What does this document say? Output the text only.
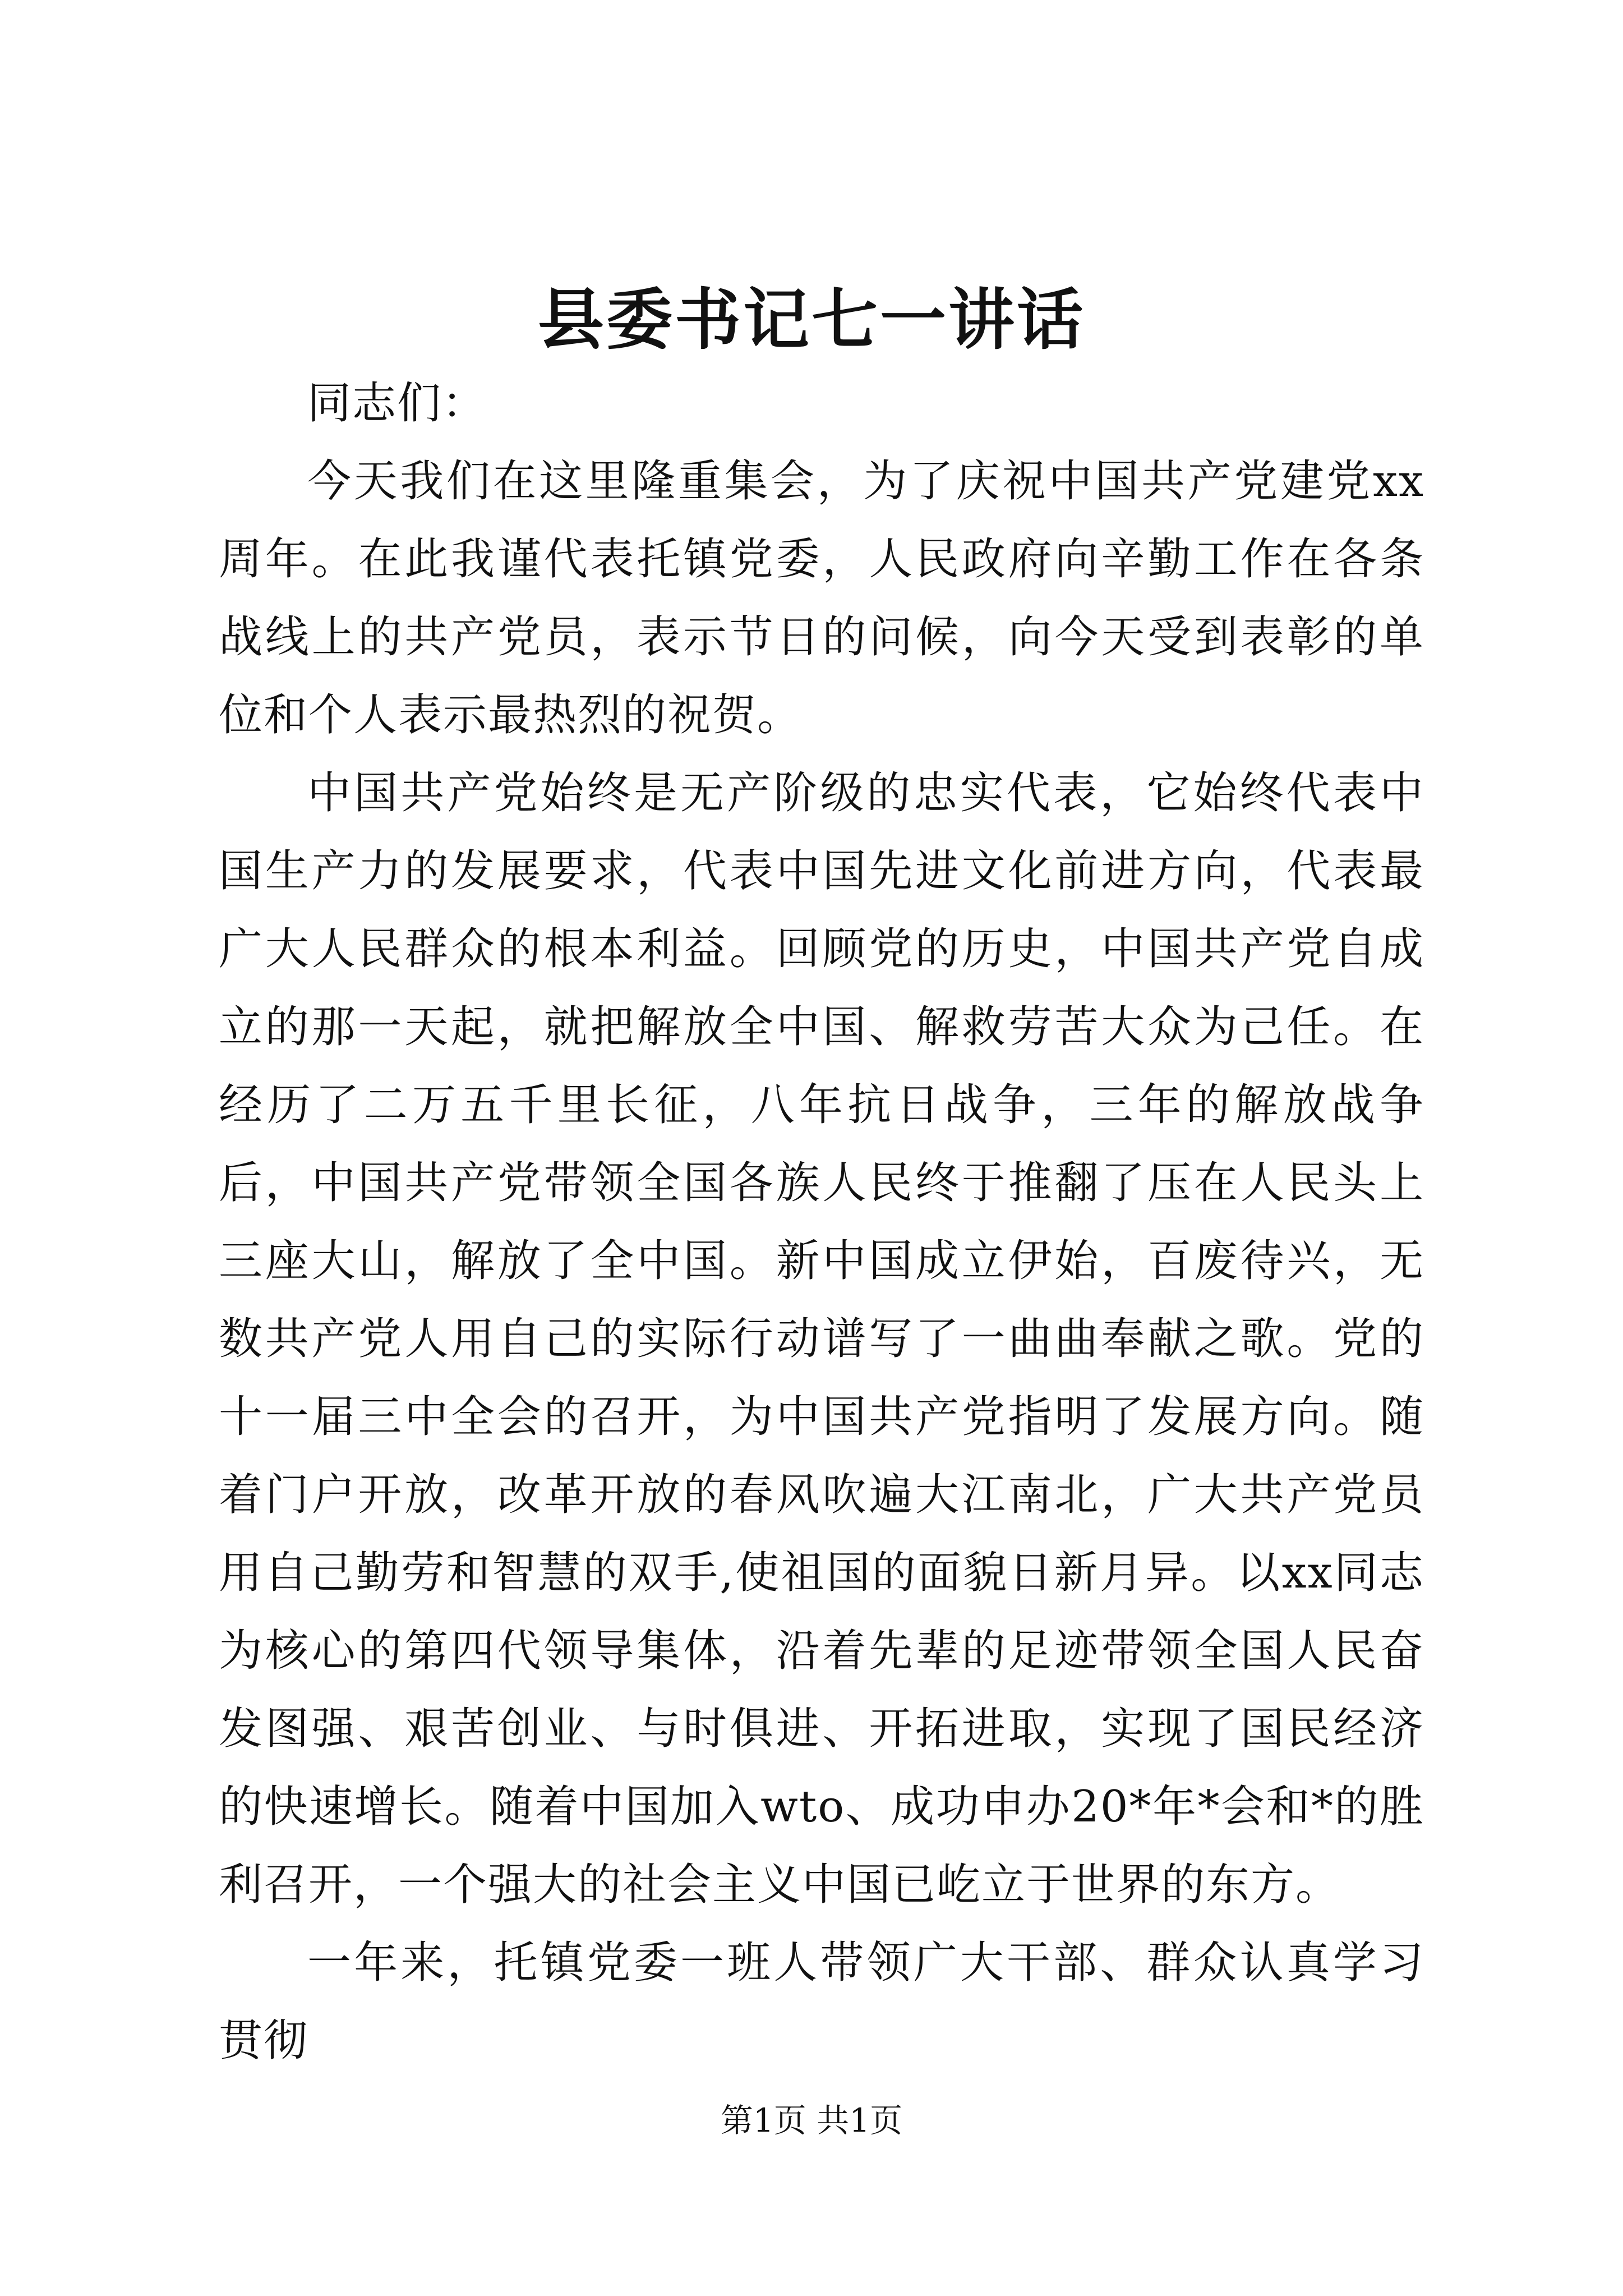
县委书记七一讲话

同志们：

今天我们在这里隆重集会，为了庆祝中国共产党建党xx周年。在此我谨代表托镇党委，人民政府向辛勤工作在各条战线上的共产党员，表示节日的问候，向今天受到表彰的单位和个人表示最热烈的祝贺。

中国共产党始终是无产阶级的忠实代表，它始终代表中国生产力的发展要求，代表中国先进文化前进方向，代表最广大人民群众的根本利益。回顾党的历史，中国共产党自成立的那一天起，就把解放全中国、解救劳苦大众为己任。在经历了二万五千里长征，八年抗日战争，三年的解放战争后，中国共产党带领全国各族人民终于推翻了压在人民头上三座大山，解放了全中国。新中国成立伊始，百废待兴，无数共产党人用自己的实际行动谱写了一曲曲奉献之歌。党的十一届三中全会的召开，为中国共产党指明了发展方向。随着门户开放，改革开放的春风吹遍大江南北，广大共产党员用自己勤劳和智慧的双手,使祖国的面貌日新月异。以xx同志为核心的第四代领导集体，沿着先辈的足迹带领全国人民奋发图强、艰苦创业、与时俱进、开拓进取，实现了国民经济的快速增长。随着中国加入wto、成功申办20*年*会和*的胜利召开，一个强大的社会主义中国已屹立于世界的东方。

一年来，托镇党委一班人带领广大干部、群众认真学习贯彻

第1页 共1页
